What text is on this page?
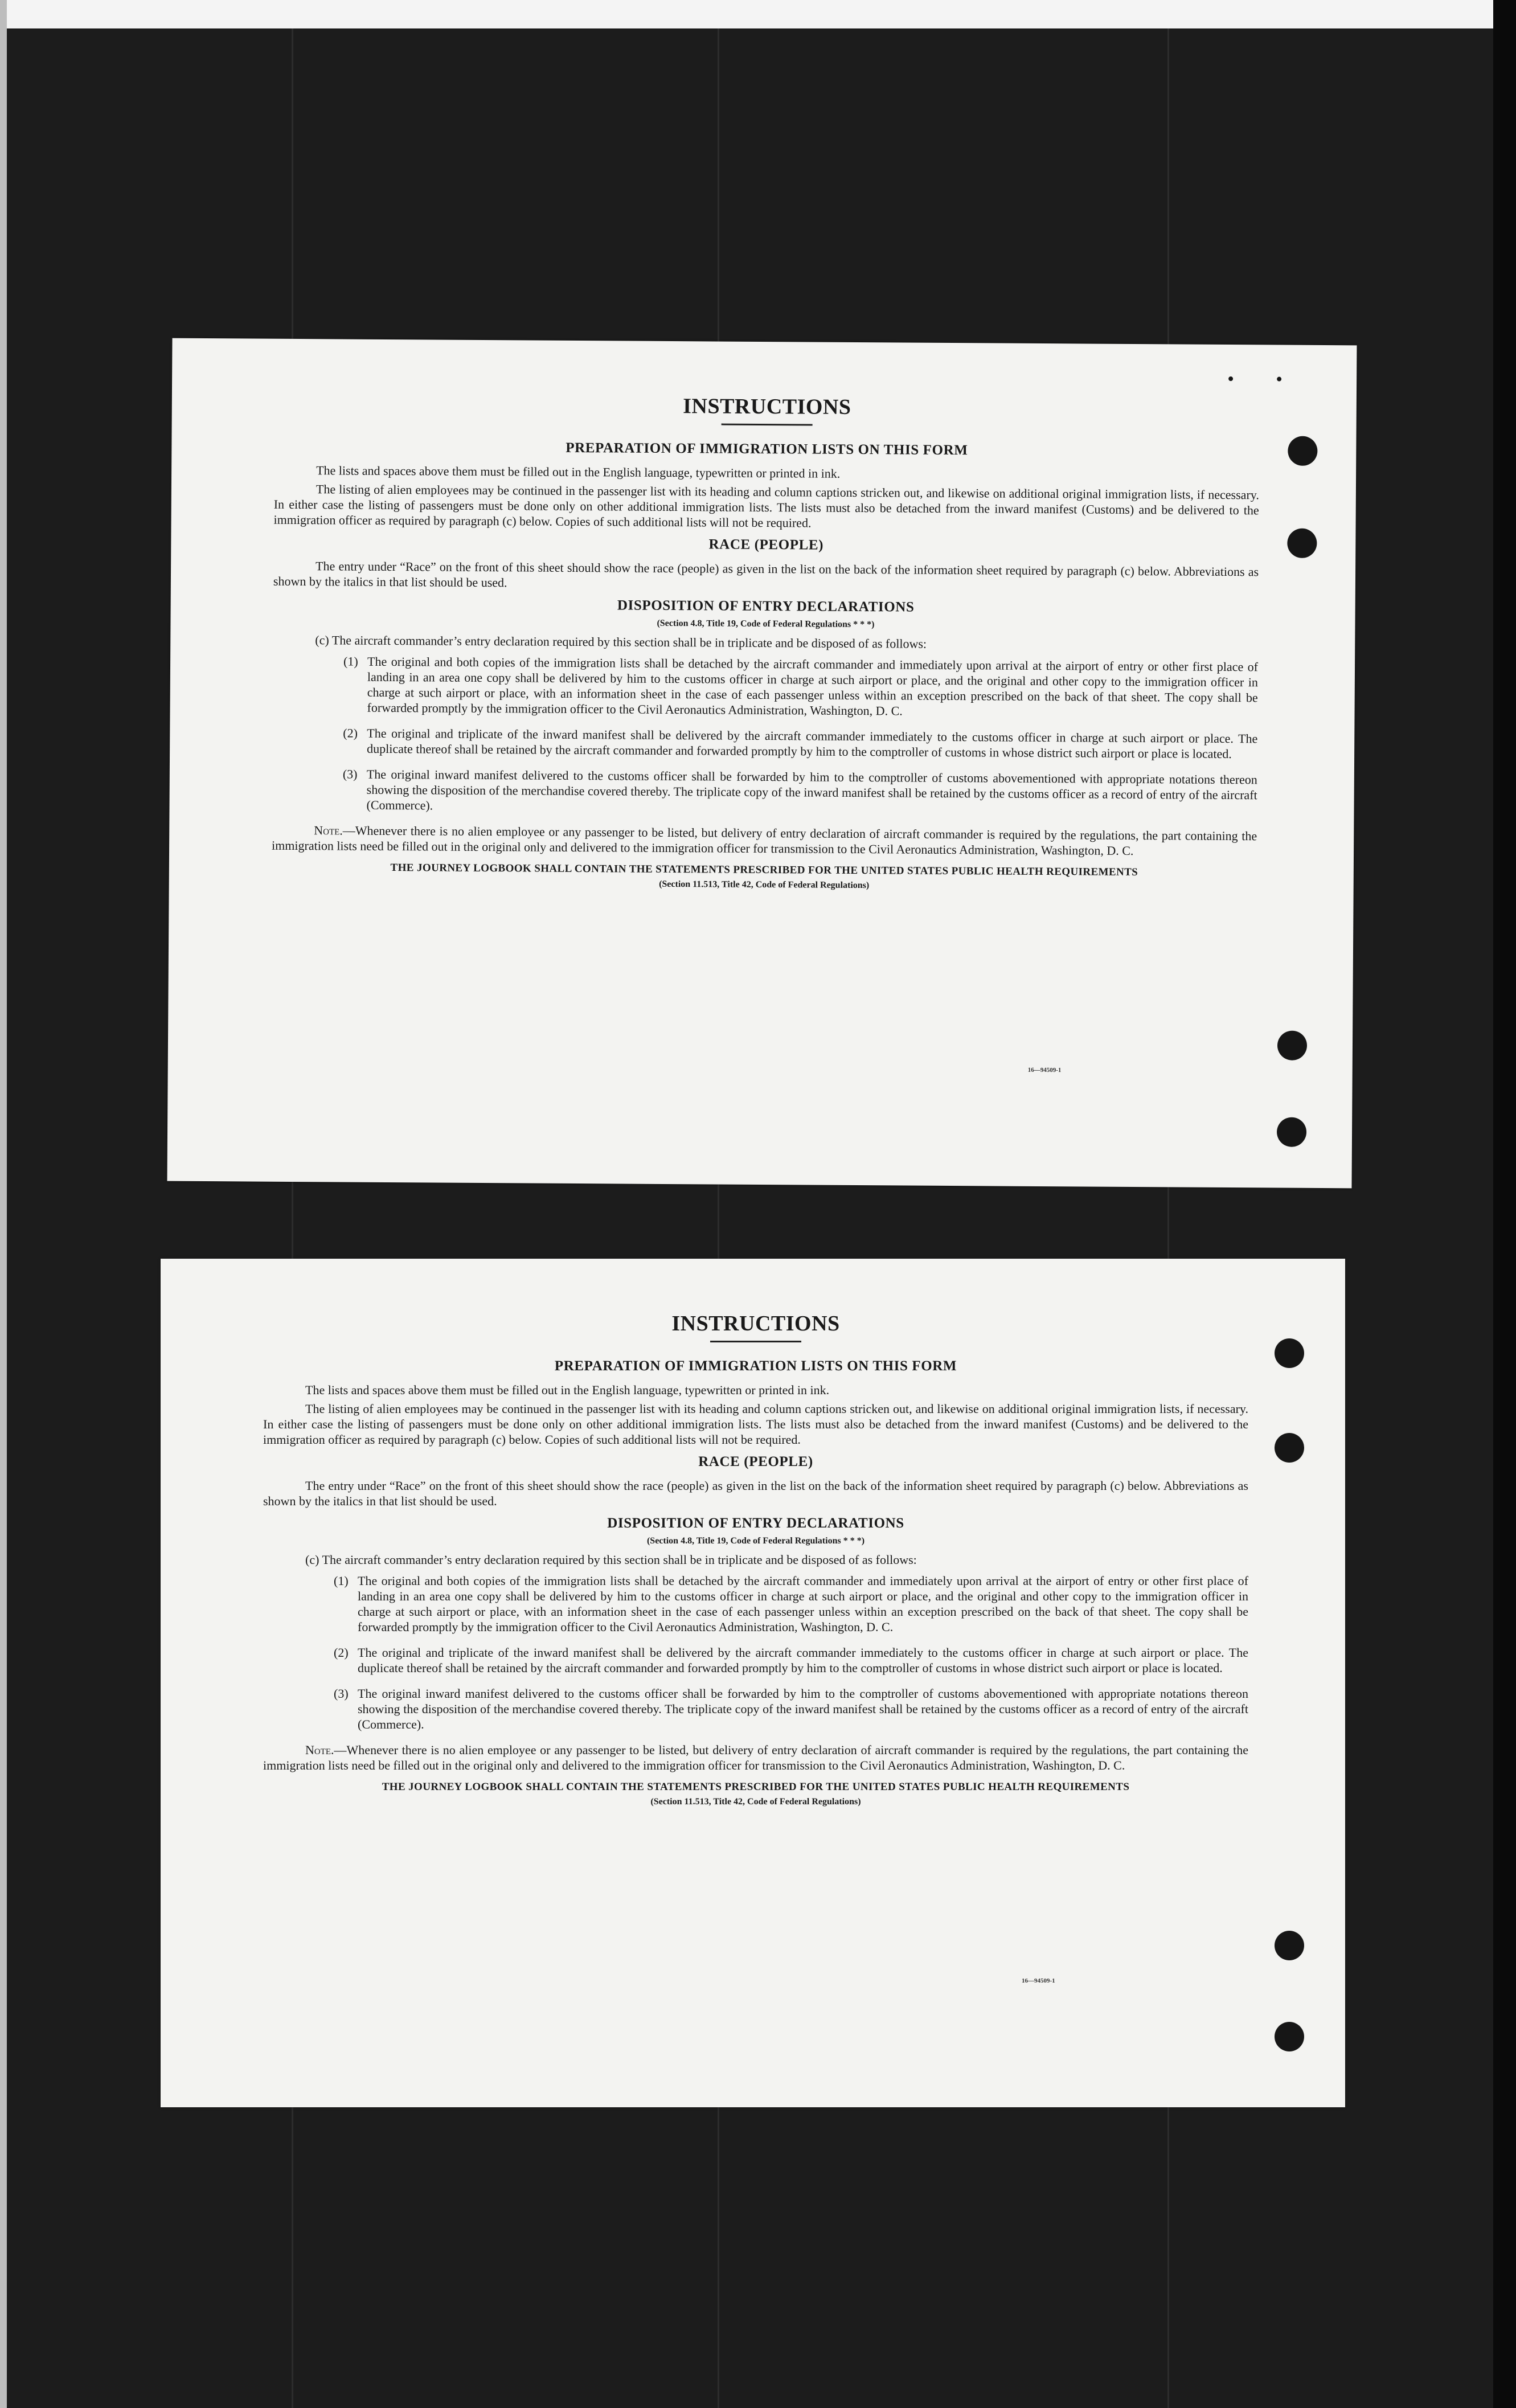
16—94509-1
INSTRUCTIONS
PREPARATION OF IMMIGRATION LISTS ON THIS FORM

The lists and spaces above them must be filled out in the English language, typewritten or printed in ink.

The listing of alien employees may be continued in the passenger list with its heading and column captions stricken out, and likewise on additional original immigration lists, if necessary. In either case the listing of passengers must be done only on other additional immigration lists. The lists must also be detached from the inward manifest (Customs) and be delivered to the immigration officer as required by paragraph (c) below. Copies of such additional lists will not be required.

RACE (PEOPLE)

The entry under “Race” on the front of this sheet should show the race (people) as given in the list on the back of the information sheet required by paragraph (c) below. Abbreviations as shown by the italics in that list should be used.

DISPOSITION OF ENTRY DECLARATIONS
(Section 4.8, Title 19, Code of Federal Regulations * * *)

(c) The aircraft commander’s entry declaration required by this section shall be in triplicate and be disposed of as follows:

(1) The original and both copies of the immigration lists shall be detached by the aircraft commander and immediately upon arrival at the airport of entry or other first place of landing in an area one copy shall be delivered by him to the customs officer in charge at such airport or place, and the original and other copy to the immigration officer in charge at such airport or place, with an information sheet in the case of each passenger unless within an exception prescribed on the back of that sheet. The copy shall be forwarded promptly by the immigration officer to the Civil Aeronautics Administration, Washington, D. C.
(2) The original and triplicate of the inward manifest shall be delivered by the aircraft commander immediately to the customs officer in charge at such airport or place. The duplicate thereof shall be retained by the aircraft commander and forwarded promptly by him to the comptroller of customs in whose district such airport or place is located.
(3) The original inward manifest delivered to the customs officer shall be forwarded by him to the comptroller of customs abovementioned with appropriate notations thereon showing the disposition of the merchandise covered thereby. The triplicate copy of the inward manifest shall be retained by the customs officer as a record of entry of the aircraft (Commerce).

Note.—Whenever there is no alien employee or any passenger to be listed, but delivery of entry declaration of aircraft commander is required by the regulations, the part containing the immigration lists need be filled out in the original only and delivered to the immigration officer for transmission to the Civil Aeronautics Administration, Washington, D. C.

THE JOURNEY LOGBOOK SHALL CONTAIN THE STATEMENTS PRESCRIBED FOR THE UNITED STATES PUBLIC HEALTH REQUIREMENTS
(Section 11.513, Title 42, Code of Federal Regulations)
16—94509-1
INSTRUCTIONS
PREPARATION OF IMMIGRATION LISTS ON THIS FORM

The lists and spaces above them must be filled out in the English language, typewritten or printed in ink.

The listing of alien employees may be continued in the passenger list with its heading and column captions stricken out, and likewise on additional original immigration lists, if necessary. In either case the listing of passengers must be done only on other additional immigration lists. The lists must also be detached from the inward manifest (Customs) and be delivered to the immigration officer as required by paragraph (c) below. Copies of such additional lists will not be required.

RACE (PEOPLE)

The entry under “Race” on the front of this sheet should show the race (people) as given in the list on the back of the information sheet required by paragraph (c) below. Abbreviations as shown by the italics in that list should be used.

DISPOSITION OF ENTRY DECLARATIONS
(Section 4.8, Title 19, Code of Federal Regulations * * *)

(c) The aircraft commander’s entry declaration required by this section shall be in triplicate and be disposed of as follows:

(1) The original and both copies of the immigration lists shall be detached by the aircraft commander and immediately upon arrival at the airport of entry or other first place of landing in an area one copy shall be delivered by him to the customs officer in charge at such airport or place, and the original and other copy to the immigration officer in charge at such airport or place, with an information sheet in the case of each passenger unless within an exception prescribed on the back of that sheet. The copy shall be forwarded promptly by the immigration officer to the Civil Aeronautics Administration, Washington, D. C.
(2) The original and triplicate of the inward manifest shall be delivered by the aircraft commander immediately to the customs officer in charge at such airport or place. The duplicate thereof shall be retained by the aircraft commander and forwarded promptly by him to the comptroller of customs in whose district such airport or place is located.
(3) The original inward manifest delivered to the customs officer shall be forwarded by him to the comptroller of customs abovementioned with appropriate notations thereon showing the disposition of the merchandise covered thereby. The triplicate copy of the inward manifest shall be retained by the customs officer as a record of entry of the aircraft (Commerce).

Note.—Whenever there is no alien employee or any passenger to be listed, but delivery of entry declaration of aircraft commander is required by the regulations, the part containing the immigration lists need be filled out in the original only and delivered to the immigration officer for transmission to the Civil Aeronautics Administration, Washington, D. C.

THE JOURNEY LOGBOOK SHALL CONTAIN THE STATEMENTS PRESCRIBED FOR THE UNITED STATES PUBLIC HEALTH REQUIREMENTS
(Section 11.513, Title 42, Code of Federal Regulations)
